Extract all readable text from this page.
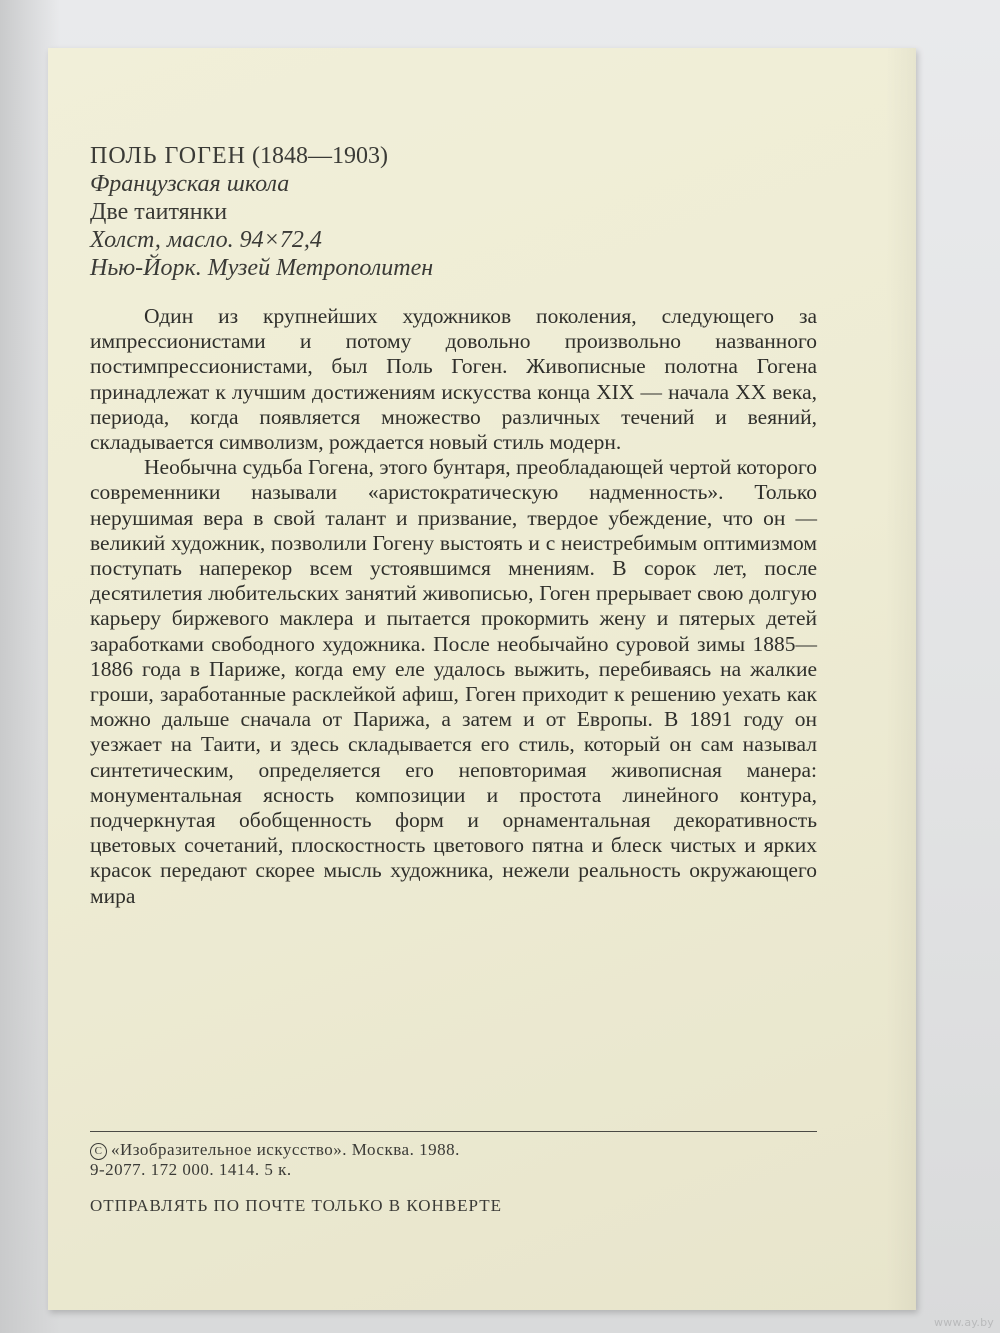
ПОЛЬ ГОГЕН (1848—1903)
Французская школа
Две таитянки
Холст, масло. 94×72,4
Нью-Йорк. Музей Метрополитен

Один из крупнейших художников поколения, следующего за импрессионистами и потому довольно произвольно названного постимпрессионистами, был Поль Гоген. Живописные полотна Гогена принадлежат к лучшим достижениям искусства конца XIX — начала XX века, периода, когда появляется множество различных течений и веяний, складывается символизм, рождается новый стиль модерн.

Необычна судьба Гогена, этого бунтаря, преобладающей чертой которого современники называли «аристократическую надменность». Только нерушимая вера в свой талант и призвание, твердое убеждение, что он — великий художник, позволили Гогену выстоять и с неистребимым оптимизмом поступать наперекор всем устоявшимся мнениям. В сорок лет, после десятилетия любительских занятий живописью, Гоген прерывает свою долгую карьеру биржевого маклера и пытается прокормить жену и пятерых детей заработками свободного художника. После необычайно суровой зимы 1885—1886 года в Париже, когда ему еле удалось выжить, перебиваясь на жалкие гроши, заработанные расклейкой афиш, Гоген приходит к решению уехать как можно дальше сначала от Парижа, а затем и от Европы. В 1891 году он уезжает на Таити, и здесь складывается его стиль, который он сам называл синтетическим, определяется его неповторимая живописная манера: монументальная ясность композиции и простота линейного контура, подчеркнутая обобщенность форм и орнаментальная декоративность цветовых сочетаний, плоскостность цветового пятна и блеск чистых и ярких красок передают скорее мысль художника, нежели реальность окружающего мира

C «Изобразительное искусство». Москва. 1988.
9-2077. 172 000. 1414. 5 к.
ОТПРАВЛЯТЬ ПО ПОЧТЕ ТОЛЬКО В КОНВЕРТЕ
www.ay.by
